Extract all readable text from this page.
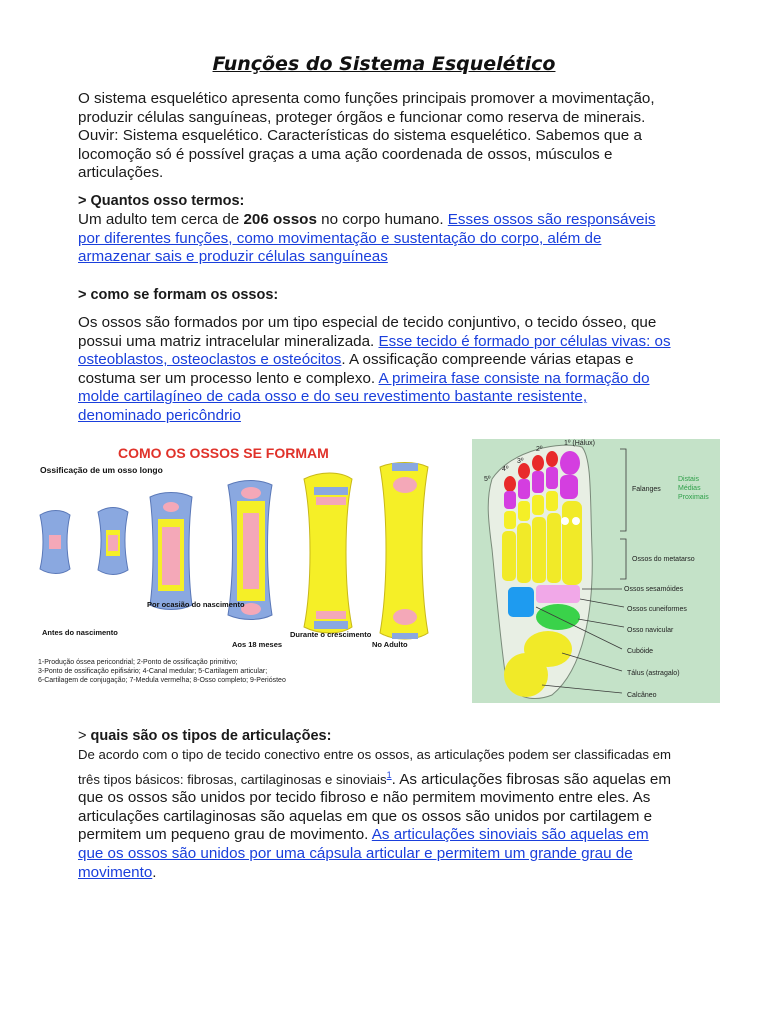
Funções do Sistema Esquelético

O sistema esquelético apresenta como funções principais promover a movimentação, produzir células sanguíneas, proteger órgãos e funcionar como reserva de minerais. Ouvir: Sistema esquelético. Características do sistema esquelético. Sabemos que a locomoção só é possível graças a uma ação coordenada de ossos, músculos e articulações.

> Quantos osso termos:

Um adulto tem cerca de 206 ossos no corpo humano. Esses ossos são responsáveis por diferentes funções, como movimentação e sustentação do corpo, além de armazenar sais e produzir células sanguíneas

> como se formam os ossos:

Os ossos são formados por um tipo especial de tecido conjuntivo, o tecido ósseo, que possui uma matriz intracelular mineralizada. Esse tecido é formado por células vivas: os osteoblastos, osteoclastos e osteócitos. A ossificação compreende várias etapas e costuma ser um processo lento e complexo. A primeira fase consiste na formação do molde cartilagíneo de cada osso e do seu revestimento bastante resistente, denominado pericôndrio

COMO OS OSSOS SE FORMAM
Ossificação de um osso longo
Antes do nascimento
Por ocasião do nascimento
Aos 18 meses
Durante o crescimento
No Adulto
1-Produção óssea pericondrial; 2-Ponto de ossificação primitivo;
3-Ponto de ossificação epifisário; 4-Canal medular; 5-Cartilagem articular;
6-Cartilagem de conjugação; 7-Medula vermelha; 8-Osso completo; 9-Periósteo
1º (Hálux)
2º
3º
4º
5º
Falanges
Distais
Médias
Proximais
Ossos do metatarso
Ossos sesamóides
Ossos cuneiformes
Osso navicular
Cubóide
Tálus (astragalo)
Calcâneo
> quais são os tipos de articulações:

De acordo com o tipo de tecido conectivo entre os ossos, as articulações podem ser classificadas em três tipos básicos: fibrosas, cartilaginosas e sinoviais$^1$. As articulações fibrosas são aquelas em que os ossos são unidos por tecido fibroso e não permitem movimento entre eles. As articulações cartilaginosas são aquelas em que os ossos são unidos por cartilagem e permitem um pequeno grau de movimento. As articulações sinoviais são aquelas em que os ossos são unidos por uma cápsula articular e permitem um grande grau de movimento.
